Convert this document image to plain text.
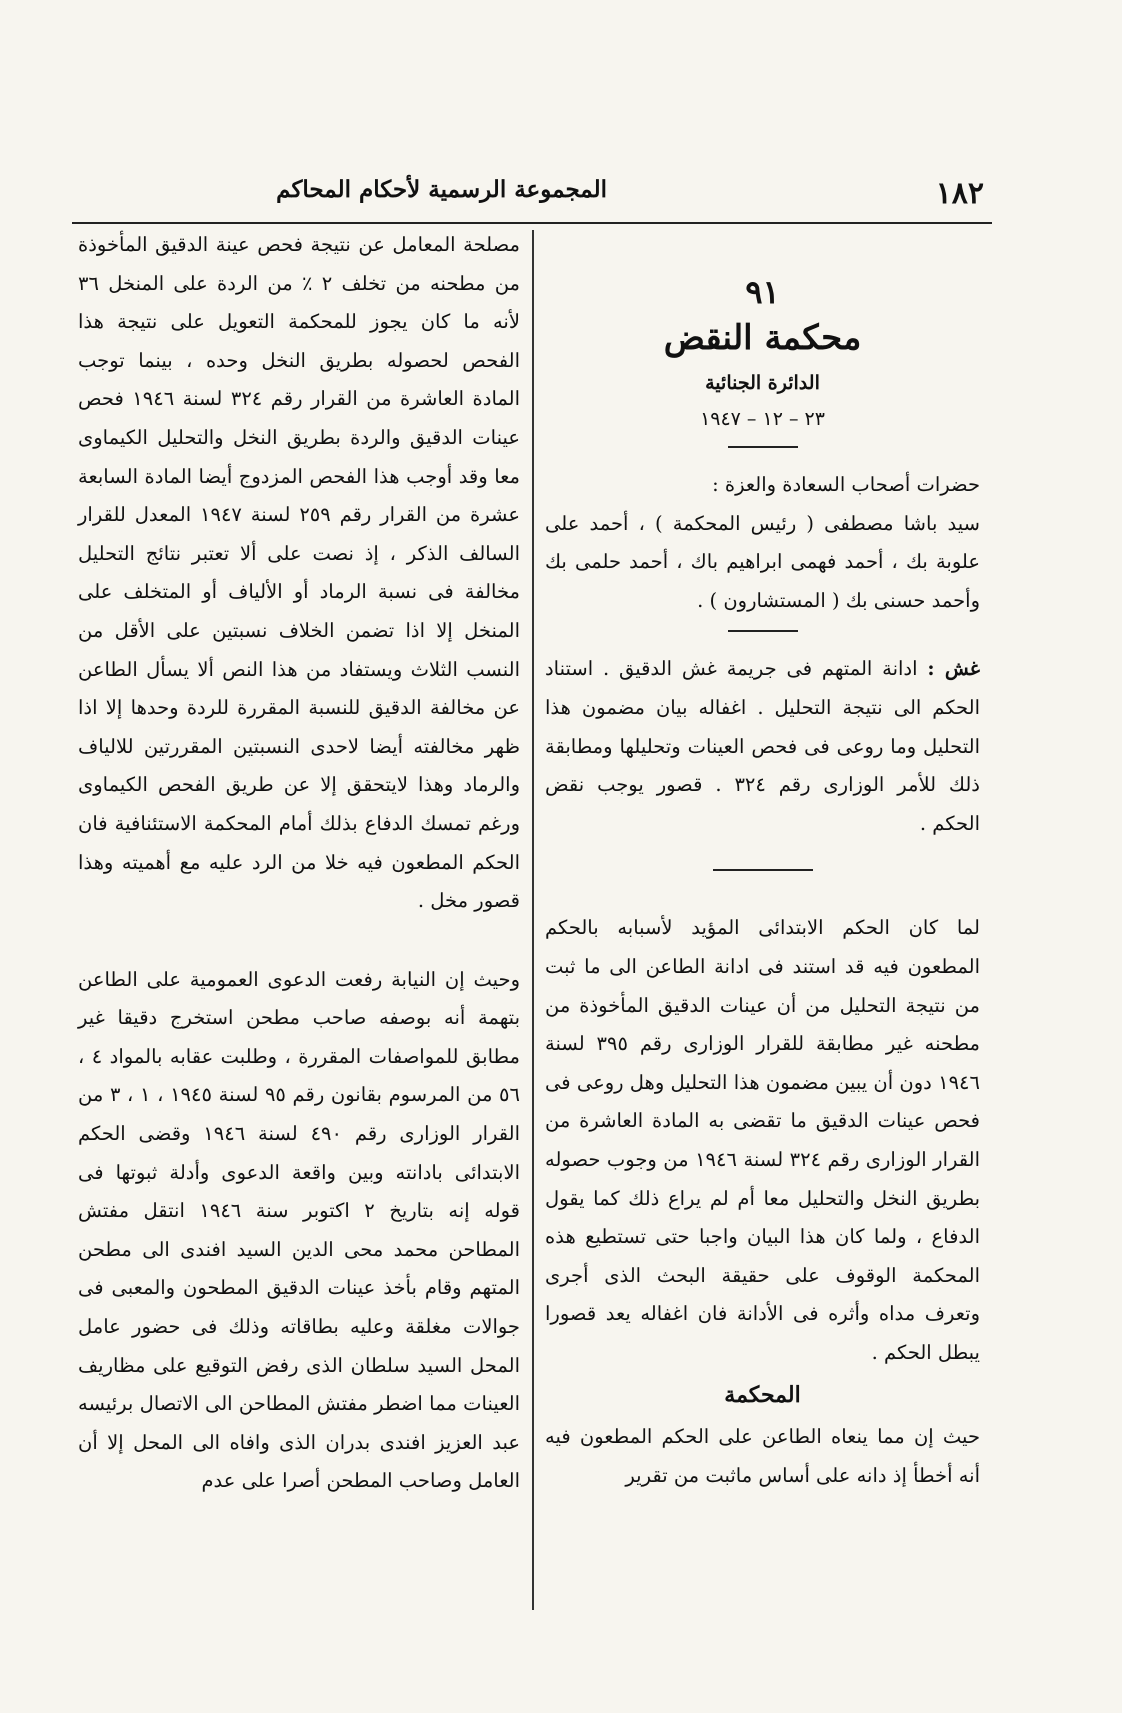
١٨٢
المجموعة الرسمية لأحكام المحاكم

٩١

محكمة النقض

الدائرة الجنائية

٢٣ – ١٢ – ١٩٤٧

حضرات أصحاب السعادة والعزة :

سيد باشا مصطفى ( رئيس المحكمة ) ، أحمد على علوبة بك ، أحمد فهمى ابراهيم باك ، أحمد حلمى بك وأحمد حسنى بك ( المستشارون ) .

غش : ادانة المتهم فى جريمة غش الدقيق . استناد الحكم الى نتيجة التحليل . اغفاله بيان مضمون هذا التحليل وما روعى فى فحص العينات وتحليلها ومطابقة ذلك للأمر الوزارى رقم ٣٢٤ . قصور يوجب نقض الحكم .

لما كان الحكم الابتدائى المؤيد لأسبابه بالحكم المطعون فيه قد استند فى ادانة الطاعن الى ما ثبت من نتيجة التحليل من أن عينات الدقيق المأخوذة من مطحنه غير مطابقة للقرار الوزارى رقم ٣٩٥ لسنة ١٩٤٦ دون أن يبين مضمون هذا التحليل وهل روعى فى فحص عينات الدقيق ما تقضى به المادة العاشرة من القرار الوزارى رقم ٣٢٤ لسنة ١٩٤٦ من وجوب حصوله بطريق النخل والتحليل معا أم لم يراع ذلك كما يقول الدفاع ، ولما كان هذا البيان واجبا حتى تستطيع هذه المحكمة الوقوف على حقيقة البحث الذى أجرى وتعرف مداه وأثره فى الأدانة فان اغفاله يعد قصورا يبطل الحكم .

المحكمة

حيث إن مما ينعاه الطاعن على الحكم المطعون فيه أنه أخطأ إذ دانه على أساس ماثبت من تقرير

مصلحة المعامل عن نتيجة فحص عينة الدقيق المأخوذة من مطحنه من تخلف ٢ ٪ من الردة على المنخل ٣٦ لأنه ما كان يجوز للمحكمة التعويل على نتيجة هذا الفحص لحصوله بطريق النخل وحده ، بينما توجب المادة العاشرة من القرار رقم ٣٢٤ لسنة ١٩٤٦ فحص عينات الدقيق والردة بطريق النخل والتحليل الكيماوى معا وقد أوجب هذا الفحص المزدوج أيضا المادة السابعة عشرة من القرار رقم ٢٥٩ لسنة ١٩٤٧ المعدل للقرار السالف الذكر ، إذ نصت على ألا تعتبر نتائج التحليل مخالفة فى نسبة الرماد أو الألياف أو المتخلف على المنخل إلا اذا تضمن الخلاف نسبتين على الأقل من النسب الثلاث ويستفاد من هذا النص ألا يسأل الطاعن عن مخالفة الدقيق للنسبة المقررة للردة وحدها إلا اذا ظهر مخالفته أيضا لاحدى النسبتين المقررتين للالياف والرماد وهذا لايتحقق إلا عن طريق الفحص الكيماوى ورغم تمسك الدفاع بذلك أمام المحكمة الاستئنافية فان الحكم المطعون فيه خلا من الرد عليه مع أهميته وهذا قصور مخل .

وحيث إن النيابة رفعت الدعوى العمومية على الطاعن بتهمة أنه بوصفه صاحب مطحن استخرج دقيقا غير مطابق للمواصفات المقررة ، وطلبت عقابه بالمواد ٤ ، ٥٦ من المرسوم بقانون رقم ٩٥ لسنة ١٩٤٥ ، ١ ، ٣ من القرار الوزارى رقم ٤٩٠ لسنة ١٩٤٦ وقضى الحكم الابتدائى بادانته وبين واقعة الدعوى وأدلة ثبوتها فى قوله إنه بتاريخ ٢ اكتوبر سنة ١٩٤٦ انتقل مفتش المطاحن محمد محى الدين السيد افندى الى مطحن المتهم وقام بأخذ عينات الدقيق المطحون والمعبى فى جوالات مغلقة وعليه بطاقاته وذلك فى حضور عامل المحل السيد سلطان الذى رفض التوقيع على مظاريف العينات مما اضطر مفتش المطاحن الى الاتصال برئيسه عبد العزيز افندى بدران الذى وافاه الى المحل إلا أن العامل وصاحب المطحن أصرا على عدم
